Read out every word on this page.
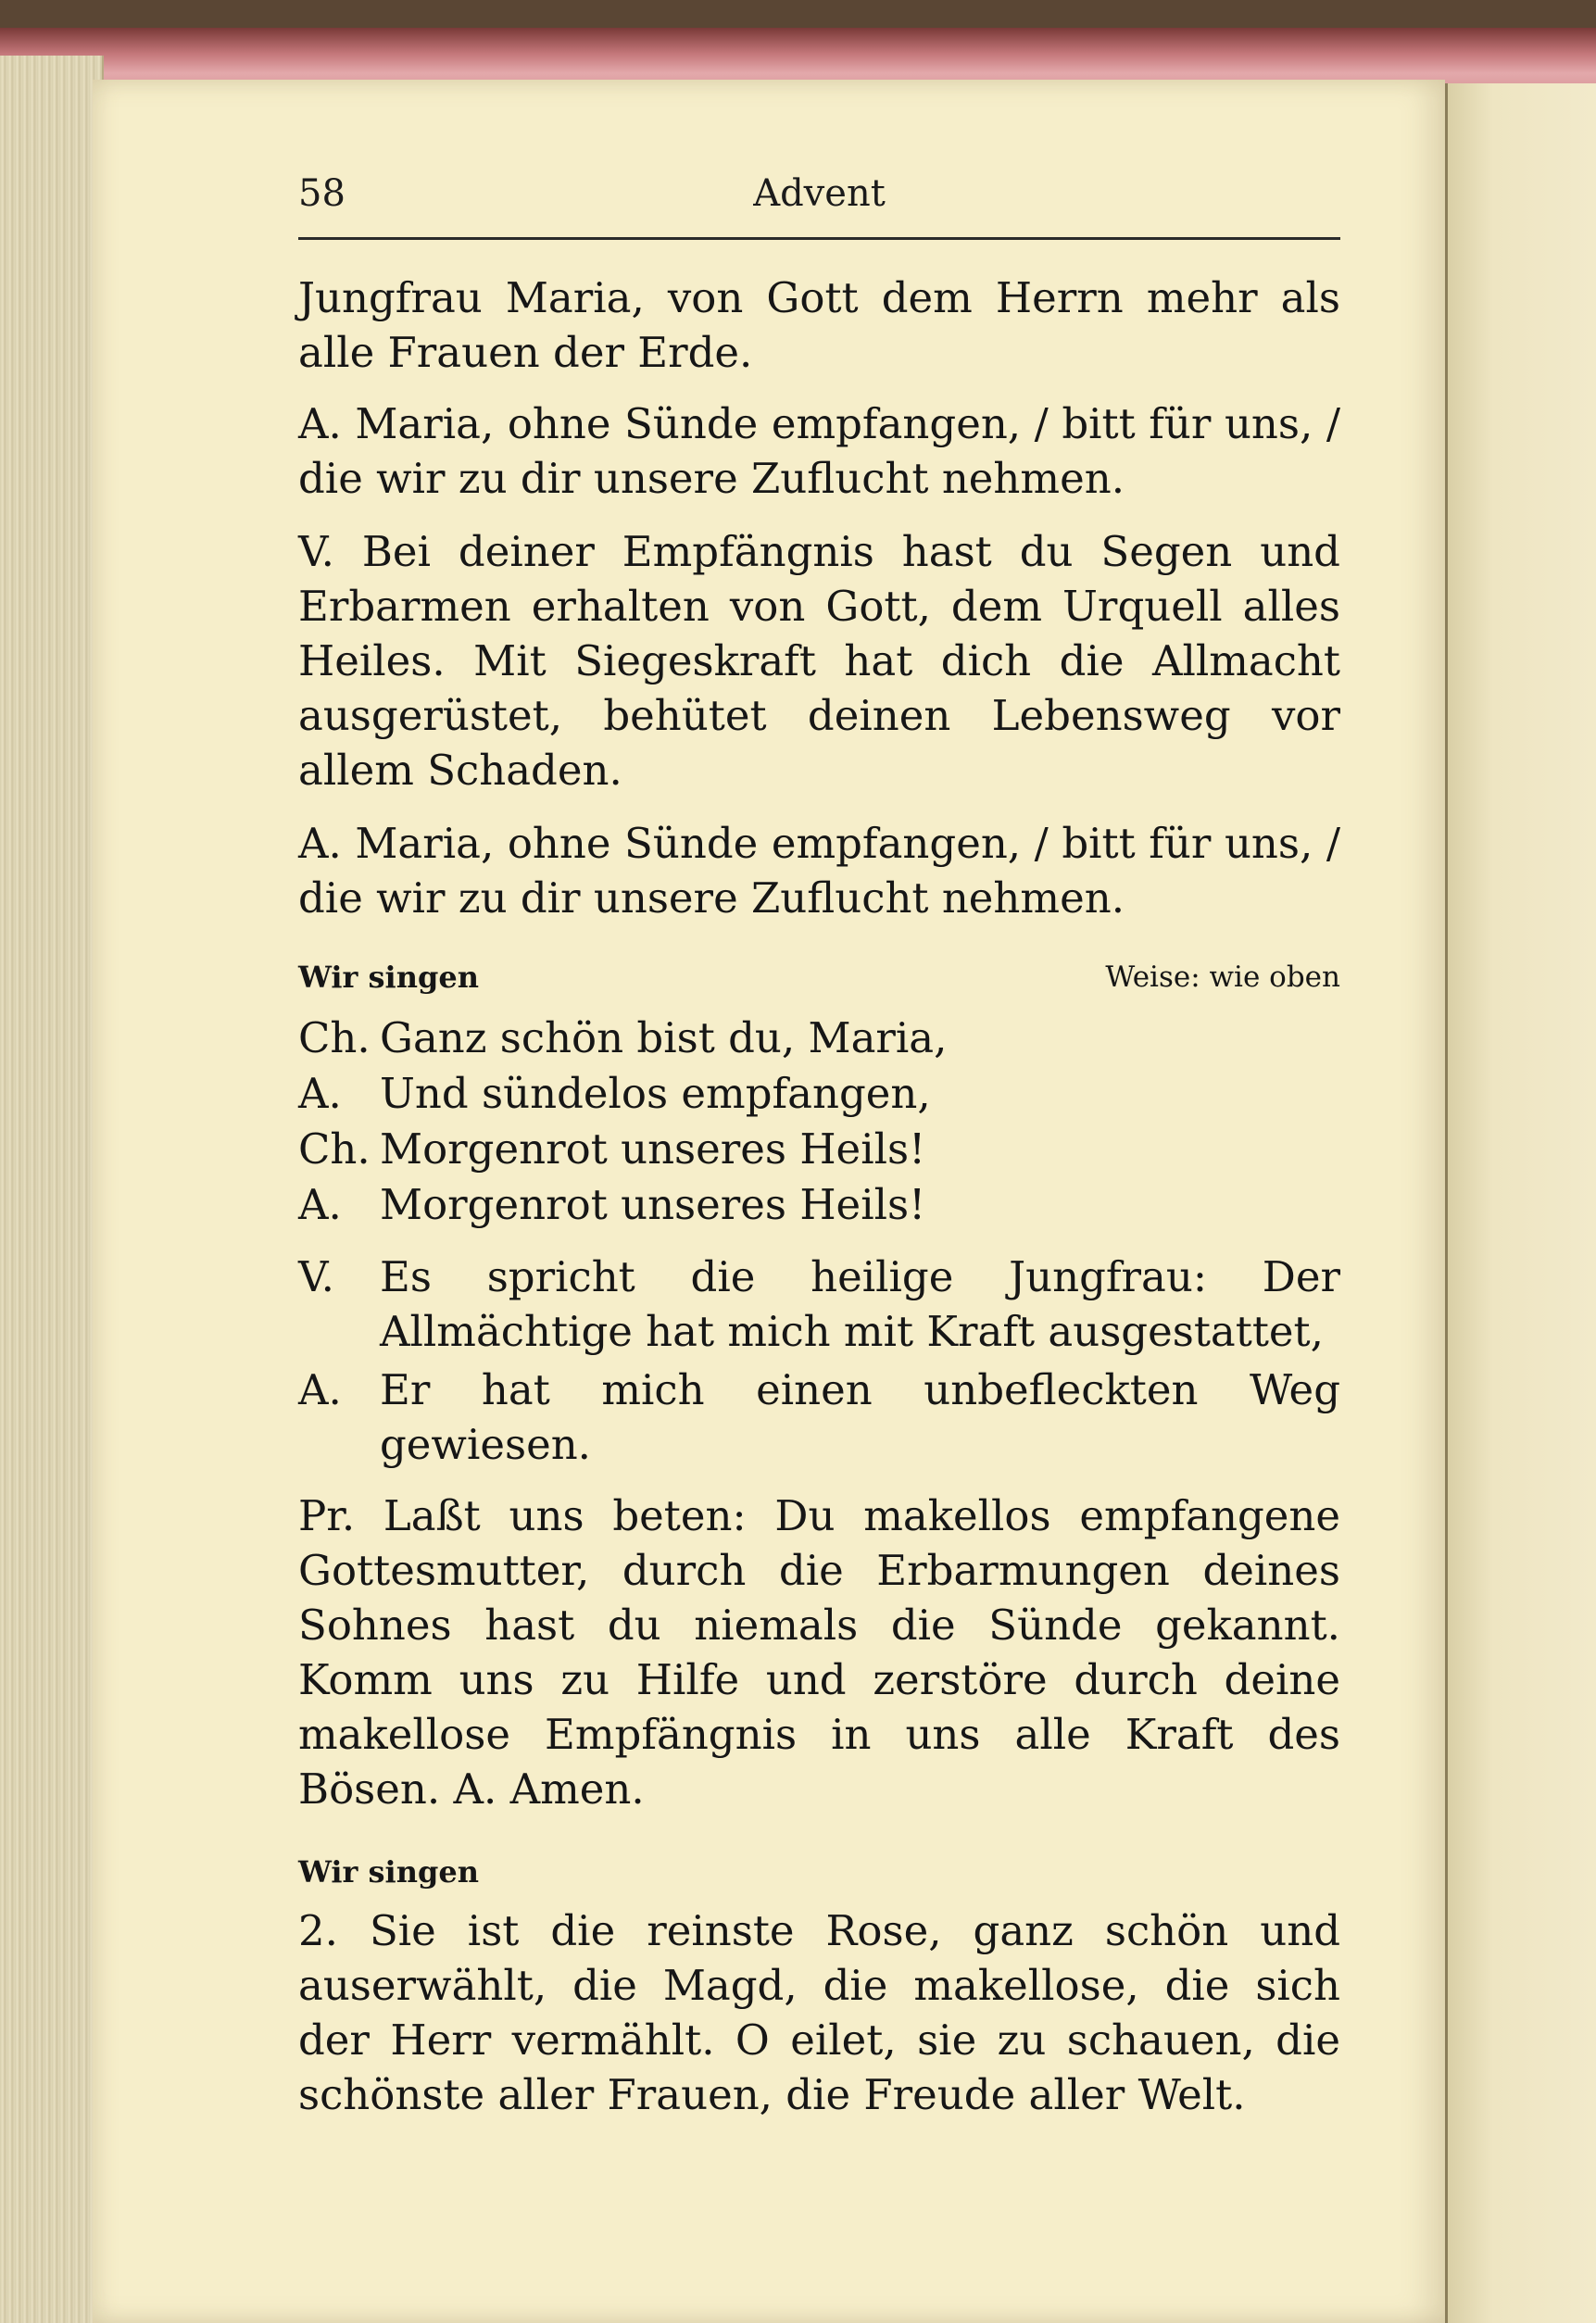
58	Advent

Jungfrau Maria, von Gott dem Herrn mehr als alle Frauen der Erde.

A. Maria, ohne Sünde empfangen, / bitt für uns, / die wir zu dir unsere Zuflucht nehmen.

V. Bei deiner Empfängnis hast du Segen und Erbarmen erhalten von Gott, dem Urquell alles Heiles. Mit Siegeskraft hat dich die Allmacht ausgerüstet, behütet deinen Lebensweg vor allem Schaden.

A. Maria, ohne Sünde empfangen, / bitt für uns, / die wir zu dir unsere Zuflucht nehmen.

Wir singen	Weise: wie oben
Ch. Ganz schön bist du, Maria,
A. Und sündelos empfangen,
Ch. Morgenrot unseres Heils!
A. Morgenrot unseres Heils!
V.	Es spricht die heilige Jungfrau: Der Allmächtige hat mich mit Kraft ausgestattet,
A. Er hat mich einen unbefleckten Weg gewiesen.

Pr. Laßt uns beten: Du makellos empfangene Gottesmutter, durch die Erbarmungen deines Sohnes hast du niemals die Sünde gekannt. Komm uns zu Hilfe und zerstöre durch deine makellose Empfängnis in uns alle Kraft des Bösen. A. Amen.

Wir singen

2. Sie ist die reinste Rose, ganz schön und auserwählt, die Magd, die makellose, die sich der Herr vermählt. O eilet, sie zu schauen, die schönste aller Frauen, die Freude aller Welt.
